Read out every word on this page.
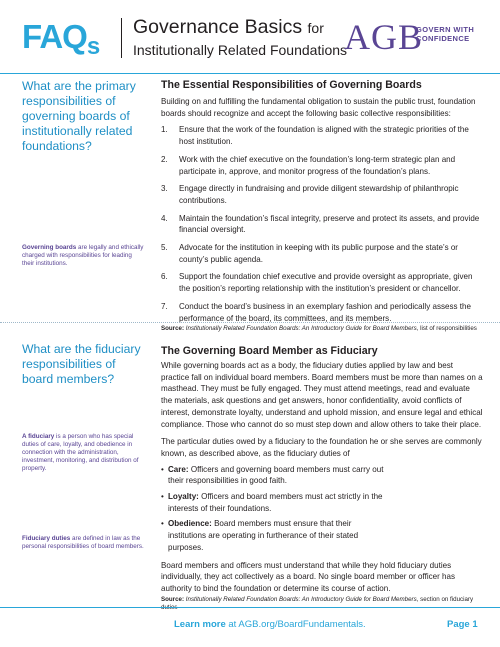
FAQs
Governance Basics for
Institutionally Related Foundations
AGB
GOVERN WITH
CONFIDENCE
What are the primary responsibilities of governing boards of institutionally related foundations?
Governing boards are legally and ethically charged with responsibilities for leading their institutions.
The Essential Responsibilities of Governing Boards

Building on and fulfilling the fundamental obligation to sustain the public trust, foundation boards should recognize and accept the following basic collective responsibilities:

1. Ensure that the work of the foundation is aligned with the strategic priorities of the host institution.
2. Work with the chief executive on the foundation’s long-term strategic plan and participate in, approve, and monitor progress of the foundation’s plans.
3. Engage directly in fundraising and provide diligent stewardship of philanthropic contributions.
4. Maintain the foundation’s fiscal integrity, preserve and protect its assets, and provide financial oversight.
5. Advocate for the institution in keeping with its public purpose and the state’s or county’s public agenda.
6. Support the foundation chief executive and provide oversight as appropriate, given the position’s reporting relationship with the institution’s president or chancellor.
7. Conduct the board’s business in an exemplary fashion and periodically assess the performance of the board, its committees, and its members.

Source: Institutionally Related Foundation Boards: An Introductory Guide for Board Members, list of responsibilities

What are the fiduciary responsibilities of board members?
A fiduciary is a person who has special duties of care, loyalty, and obedience in connection with the administration, investment, monitoring, and distribution of property.
Fiduciary duties are defined in law as the personal responsibilities of board members.
The Governing Board Member as Fiduciary

While governing boards act as a body, the fiduciary duties applied by law and best practice fall on individual board members. Board members must be more than names on a masthead. They must be fully engaged. They must attend meetings, read and evaluate the materials, ask questions and get answers, honor confidentiality, avoid conflicts of interest, demonstrate loyalty, understand and uphold mission, and ensure legal and ethical compliance. Those who cannot do so must step down and allow others to take their place.

The particular duties owed by a fiduciary to the foundation he or she serves are commonly known, as described above, as the fiduciary duties of

• Care: Officers and governing board members must carry out their responsibilities in good faith.
• Loyalty: Officers and board members must act strictly in the interests of their foundations.
• Obedience: Board members must ensure that their institutions are operating in furtherance of their stated purposes.

Board members and officers must understand that while they hold fiduciary duties individually, they act collectively as a board. No single board member or officer has authority to bind the foundation or determine its course of action.

Source: Institutionally Related Foundation Boards: An Introductory Guide for Board Members, section on fiduciary

Learn more at AGB.org/BoardFundamentals.	Page 1
